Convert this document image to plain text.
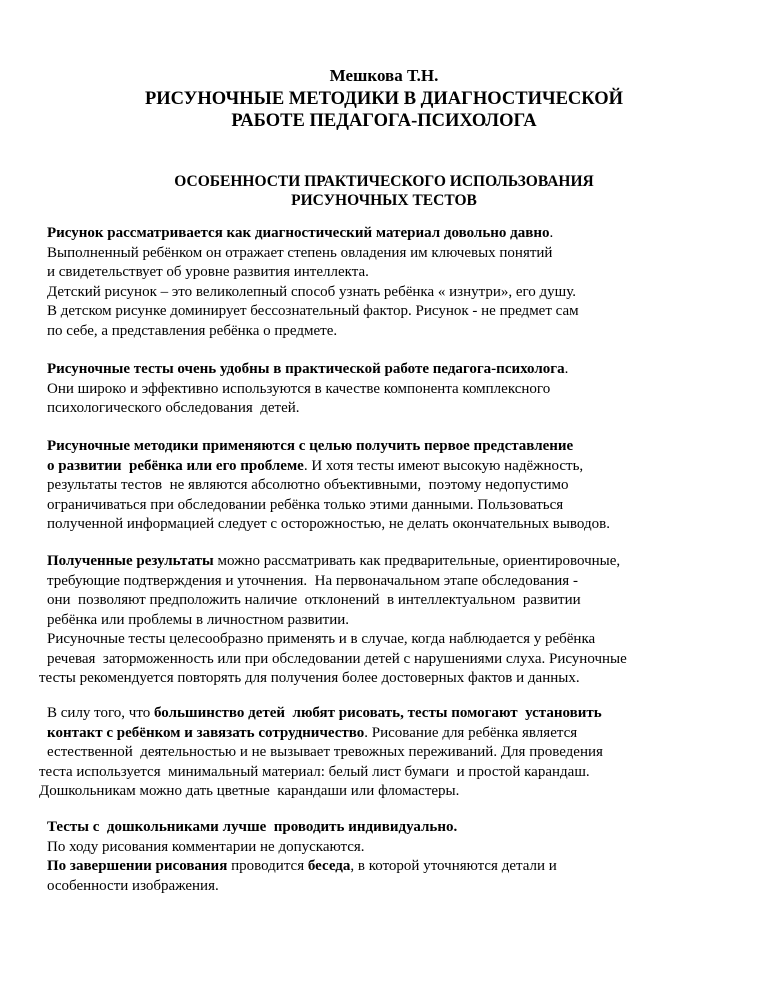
Мешкова Т.Н.
РИСУНОЧНЫЕ МЕТОДИКИ В ДИАГНОСТИЧЕСКОЙ
РАБОТЕ ПЕДАГОГА-ПСИХОЛОГА
ОСОБЕННОСТИ ПРАКТИЧЕСКОГО ИСПОЛЬЗОВАНИЯ
РИСУНОЧНЫХ ТЕСТОВ
Рисунок рассматривается как диагностический материал довольно давно.
Выполненный ребёнком он отражает степень овладения им ключевых понятий
и свидетельствует об уровне развития интеллекта.
Детский рисунок – это великолепный способ узнать ребёнка « изнутри», его душу.
В детском рисунке доминирует бессознательный фактор. Рисунок - не предмет сам
по себе, а представления ребёнка о предмете.
Рисуночные тесты очень удобны в практической работе педагога-психолога.
Они широко и эффективно используются в качестве компонента комплексного
психологического обследования  детей.
Рисуночные методики применяются с целью получить первое представление
о развитии  ребёнка или его проблеме. И хотя тесты имеют высокую надёжность,
результаты тестов  не являются абсолютно объективными,  поэтому недопустимо
ограничиваться при обследовании ребёнка только этими данными. Пользоваться
полученной информацией следует с осторожностью, не делать окончательных выводов.
Полученные результаты можно рассматривать как предварительные, ориентировочные,
требующие подтверждения и уточнения.  На первоначальном этапе обследования -
они  позволяют предположить наличие  отклонений  в интеллектуальном  развитии
ребёнка или проблемы в личностном развитии.
Рисуночные тесты целесообразно применять и в случае, когда наблюдается у ребёнка
речевая  заторможенность или при обследовании детей с нарушениями слуха. Рисуночные
тесты рекомендуется повторять для получения более достоверных фактов и данных.
В силу того, что большинство детей  любят рисовать, тесты помогают  установить
контакт с ребёнком и завязать сотрудничество. Рисование для ребёнка является
естественной  деятельностью и не вызывает тревожных переживаний. Для проведения
теста используется  минимальный материал: белый лист бумаги  и простой карандаш.
Дошкольникам можно дать цветные  карандаши или фломастеры.
Тесты с  дошкольниками лучше  проводить индивидуально.
По ходу рисования комментарии не допускаются.
По завершении рисования проводится беседа, в которой уточняются детали и
особенности изображения.
